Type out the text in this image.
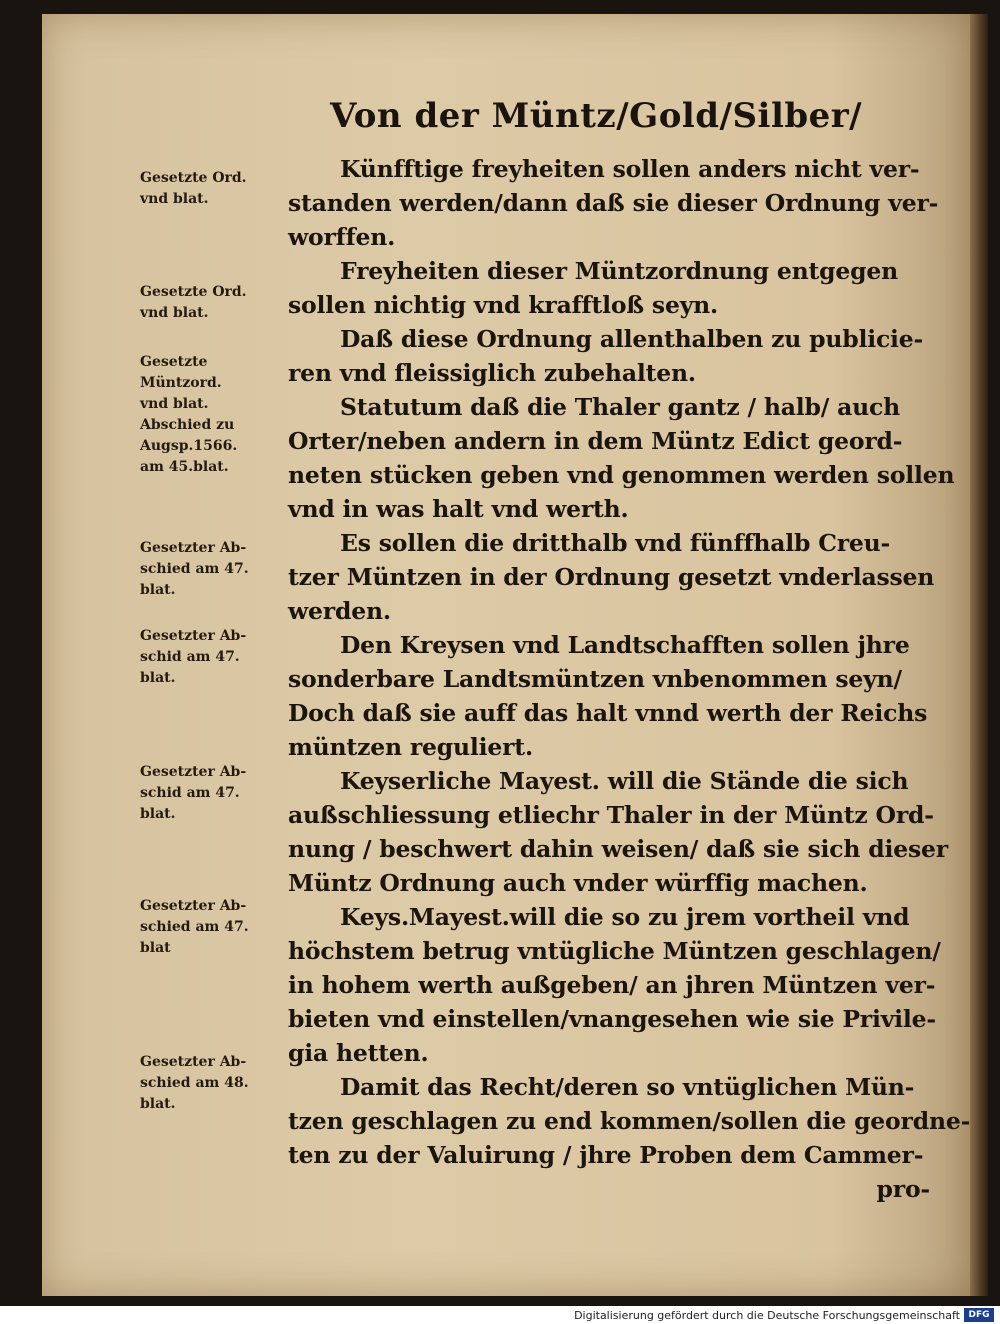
Von der Müntz/Gold/Silber/
Künfftige freyheiten sollen anders nicht ver-
standen werden/dann daß sie dieser Ordnung ver-
worffen.
Freyheiten dieser Müntzordnung entgegen
sollen nichtig vnd krafftloß seyn.
Daß diese Ordnung allenthalben zu publicie-
ren vnd fleissiglich zubehalten.
Statutum daß die Thaler gantz / halb/ auch
Orter/neben andern in dem Müntz Edict geord-
neten stücken geben vnd genommen werden sollen
vnd in was halt vnd werth.
Es sollen die dritthalb vnd fünffhalb Creu-
tzer Müntzen in der Ordnung gesetzt vnderlassen
werden.
Den Kreysen vnd Landtschafften sollen jhre
sonderbare Landtsmüntzen vnbenommen seyn/
Doch daß sie auff das halt vnnd werth der Reichs
müntzen reguliert.
Keyserliche Mayest. will die Stände die sich
außschliessung etliechr Thaler in der Müntz Ord-
nung / beschwert dahin weisen/ daß sie sich dieser
Müntz Ordnung auch vnder würffig machen.
Keys.Mayest.will die so zu jrem vortheil vnd
höchstem betrug vntügliche Müntzen geschlagen/
in hohem werth außgeben/ an jhren Müntzen ver-
bieten vnd einstellen/vnangesehen wie sie Privile-
gia hetten.
Damit das Recht/deren so vntüglichen Mün-
tzen geschlagen zu end kommen/sollen die geordne-
ten zu der Valuirung / jhre Proben dem Cammer-
pro-
Gesetzte Ord.
vnd blat.
Gesetzte Ord.
vnd blat.
Gesetzte
Müntzord.
vnd blat.
Abschied zu
Augsp.1566.
am 45.blat.
Gesetzter Ab-
schied am 47.
blat.
Gesetzter Ab-
schid am 47.
blat.
Gesetzter Ab-
schid am 47.
blat.
Gesetzter Ab-
schied am 47.
blat
Gesetzter Ab-
schied am 48.
blat.
Digitalisierung gefördert durch die Deutsche Forschungsgemeinschaft DFG
